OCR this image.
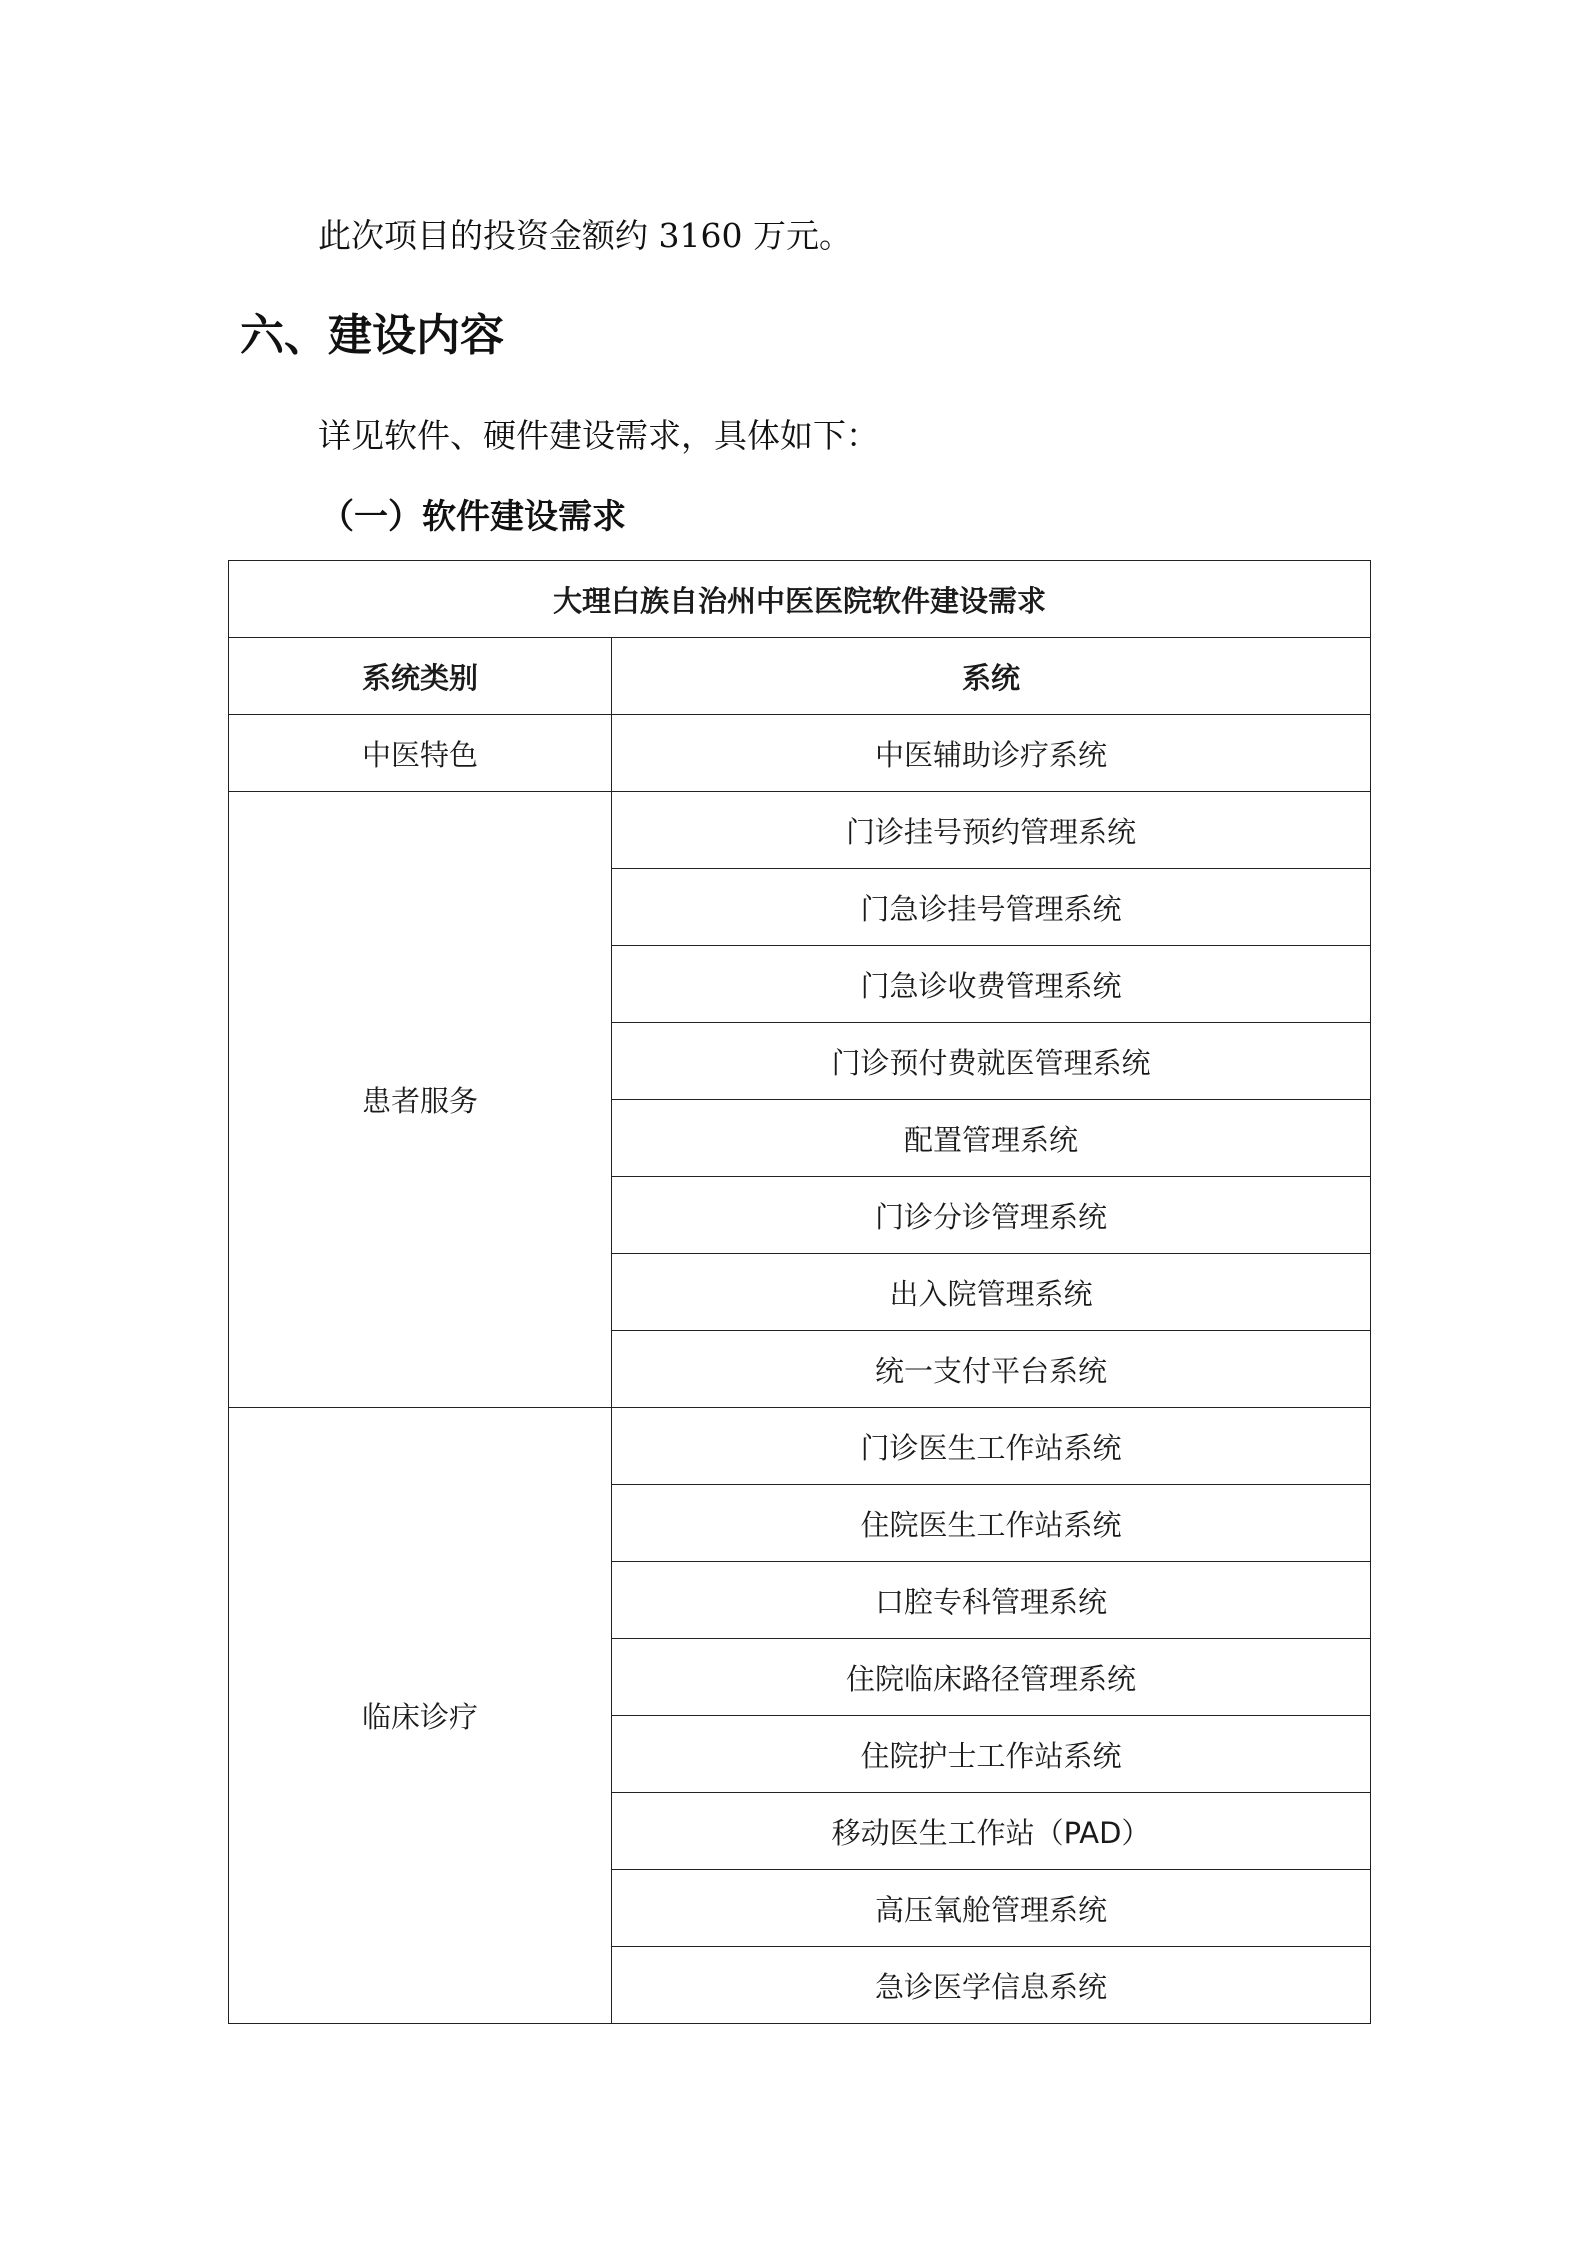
此次项目的投资金额约 3160 万元。

六、建设内容

详见软件、硬件建设需求，具体如下：

（一）软件建设需求
大理白族自治州中医医院软件建设需求	
系统类别	系统
中医特色	中医辅助诊疗系统
患者服务	门诊挂号预约管理系统
	门急诊挂号管理系统
	门急诊收费管理系统
	门诊预付费就医管理系统
	配置管理系统
	门诊分诊管理系统
	出入院管理系统
	统一支付平台系统
临床诊疗	门诊医生工作站系统
	住院医生工作站系统
	口腔专科管理系统
	住院临床路径管理系统
	住院护士工作站系统
	移动医生工作站（PAD）
	高压氧舱管理系统
	急诊医学信息系统
